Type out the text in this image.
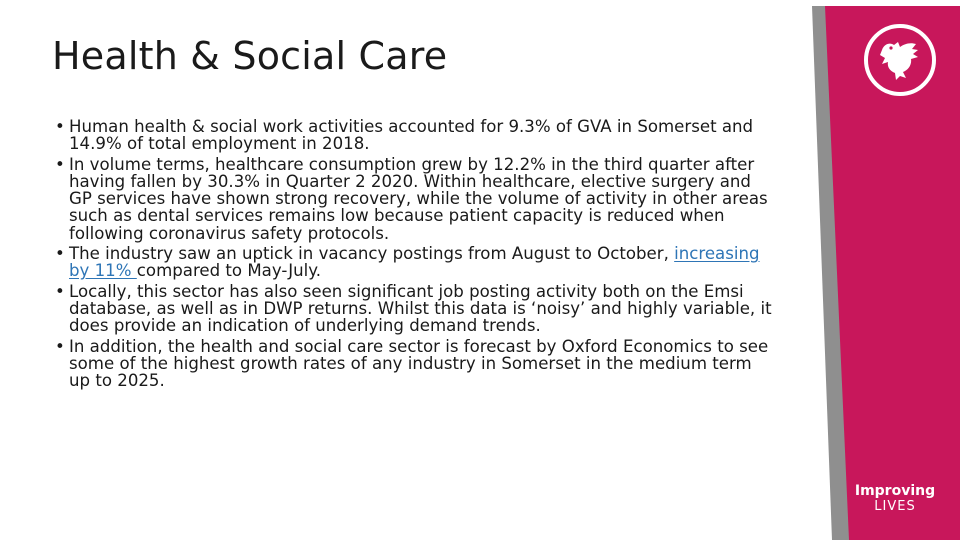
Health & Social Care
• Human health & social work activities accounted for 9.3% of GVA in Somerset and 14.9% of total employment in 2018.
• In volume terms, healthcare consumption grew by 12.2% in the third quarter after having fallen by 30.3% in Quarter 2 2020. Within healthcare, elective surgery and GP services have shown strong recovery, while the volume of activity in other areas such as dental services remains low because patient capacity is reduced when following coronavirus safety protocols.
• The industry saw an uptick in vacancy postings from August to October, increasing by 11% compared to May-July.
• Locally, this sector has also seen significant job posting activity both on the Emsi database, as well as in DWP returns. Whilst this data is ‘noisy’ and highly variable, it does provide an indication of underlying demand trends.
• In addition, the health and social care sector is forecast by Oxford Economics to see some of the highest growth rates of any industry in Somerset in the medium term up to 2025.
Improving
LIVES
